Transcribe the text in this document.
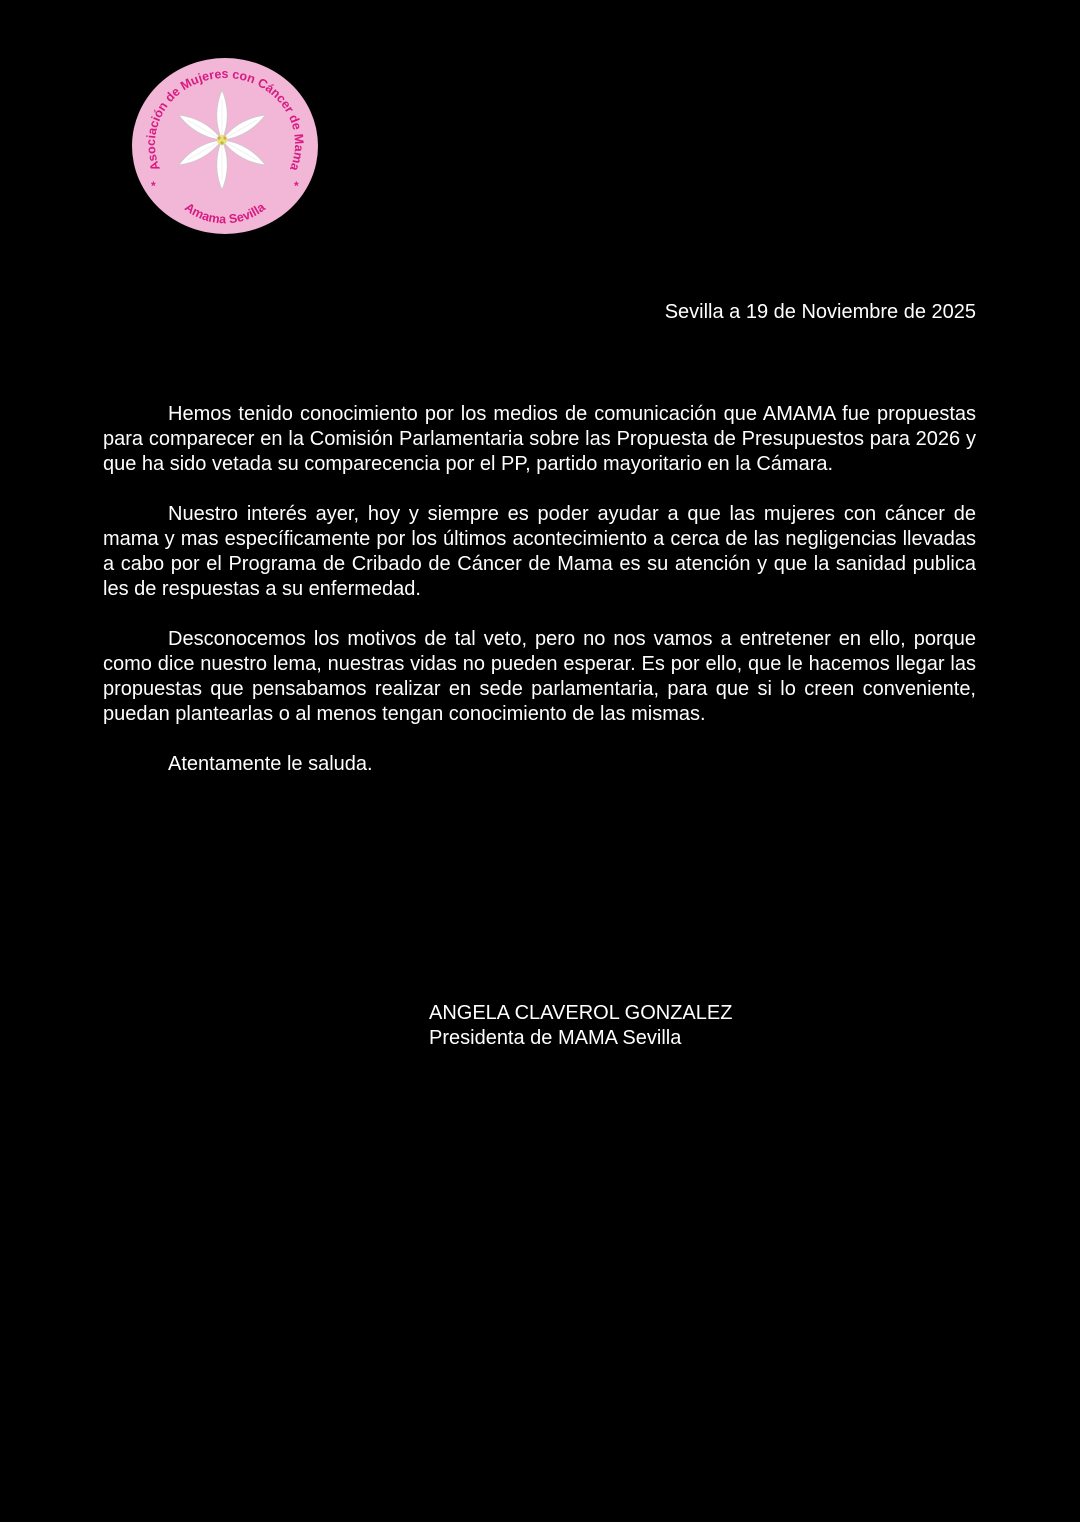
Asociación de Mujeres con Cáncer de Mama
Amama Sevilla
*	*
Sevilla a 19 de Noviembre de 2025

Hemos tenido conocimiento por los medios de comunicación que AMAMA fue propuestas para comparecer en la Comisión Parlamentaria sobre las Propuesta de Presupuestos para 2026 y que ha sido vetada su comparecencia por el PP, partido mayoritario en la Cámara.

Nuestro interés ayer, hoy y siempre es poder ayudar a que las mujeres con cáncer de mama y mas específicamente por los últimos acontecimiento a cerca de las negligencias llevadas a cabo por el Programa de Cribado de Cáncer de Mama es su atención y que la sanidad publica les de respuestas a su enfermedad.

Desconocemos los motivos de tal veto, pero no nos vamos a entretener en ello, porque como dice nuestro lema, nuestras vidas no pueden esperar. Es por ello, que le hacemos llegar las propuestas que pensabamos realizar en sede parlamentaria, para que si lo creen conveniente, puedan plantearlas o al menos tengan conocimiento de las mismas.

Atentamente le saluda.

ANGELA CLAVEROL GONZALEZ
Presidenta de MAMA Sevilla
